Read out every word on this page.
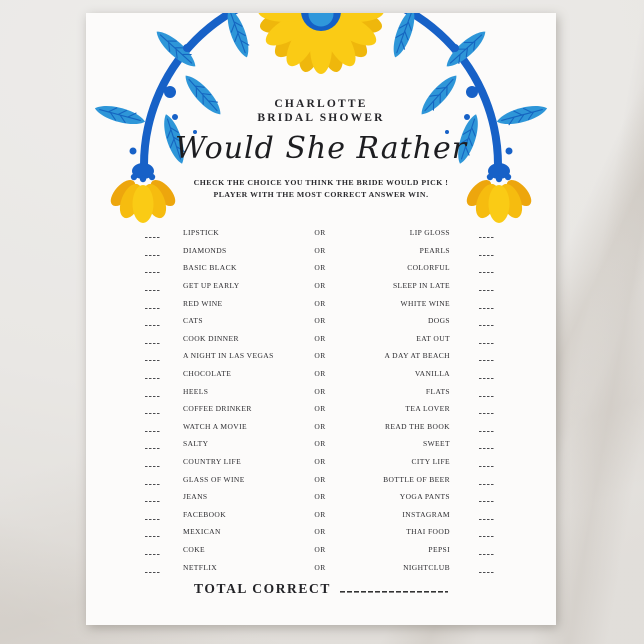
CHARLOTTE
BRIDAL SHOWER
Would She Rather
CHECK THE CHOICE YOU THINK THE BRIDE WOULD PICK !
PLAYER WITH THE MOST CORRECT ANSWER WIN.
LIPSTICK	OR	LIP GLOSS
DIAMONDS	OR	PEARLS
BASIC BLACK	OR	COLORFUL
GET UP EARLY	OR	SLEEP IN LATE
RED WINE	OR	WHITE WINE
CATS	OR	DOGS
COOK DINNER	OR	EAT OUT
A NIGHT IN LAS VEGAS	OR	A DAY AT BEACH
CHOCOLATE	OR	VANILLA
HEELS	OR	FLATS
COFFEE DRINKER	OR	TEA LOVER
WATCH A MOVIE	OR	READ THE BOOK
SALTY	OR	SWEET
COUNTRY LIFE	OR	CITY LIFE
GLASS OF WINE	OR	BOTTLE OF BEER
JEANS	OR	YOGA PANTS
FACEBOOK	OR	INSTAGRAM
MEXICAN	OR	THAI FOOD
COKE	OR	PEPSI
NETFLIX	OR	NIGHTCLUB
TOTAL CORRECT
